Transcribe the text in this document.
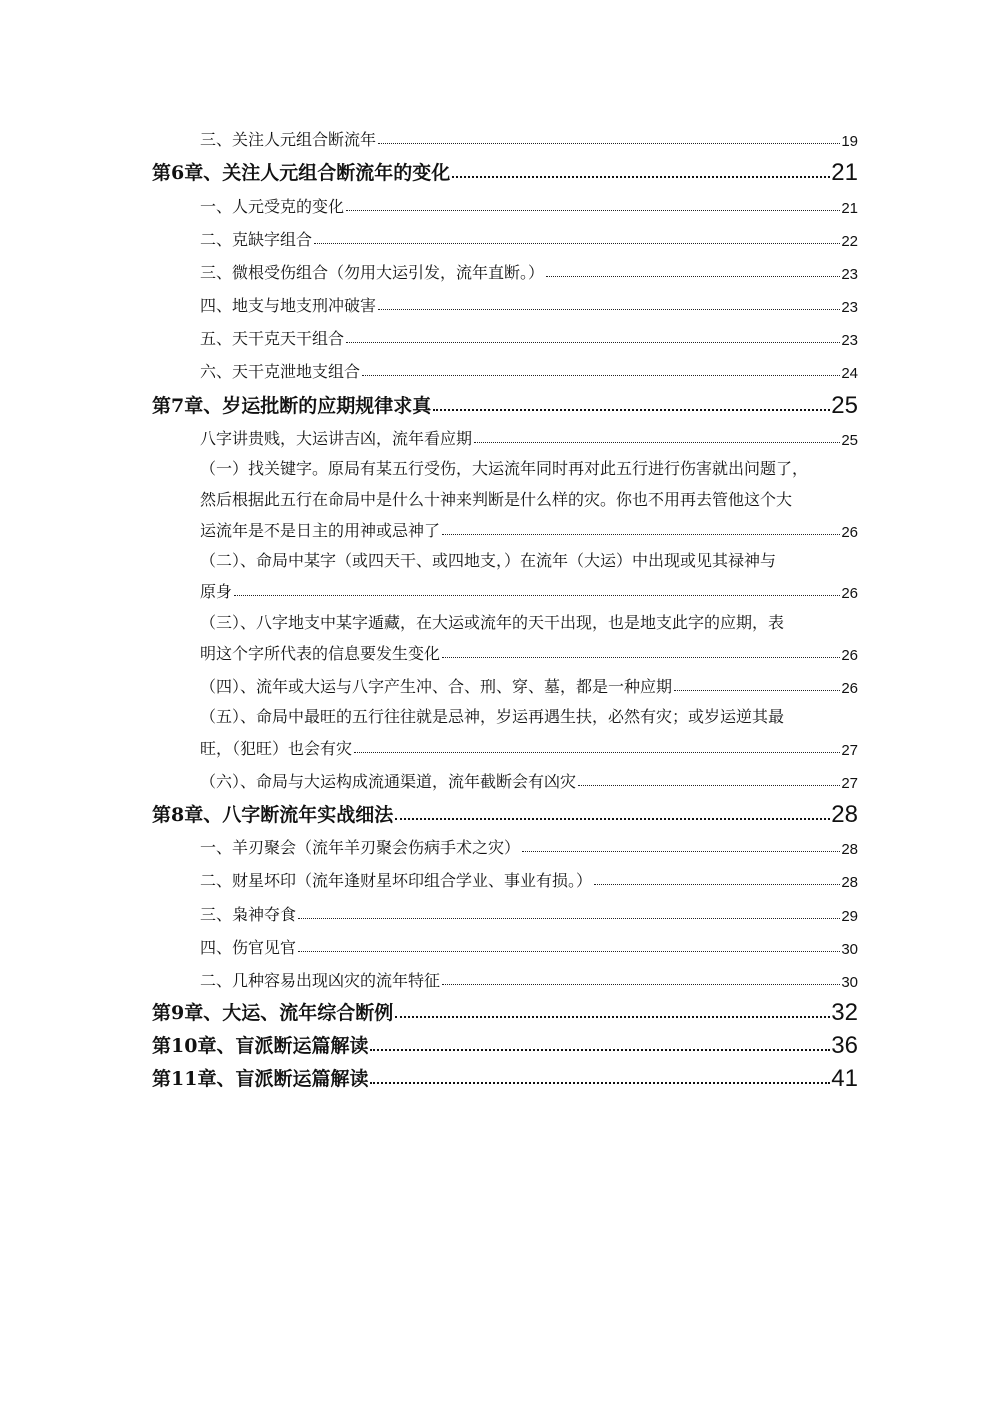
三、关注人元组合断流年	19
第6章、关注人元组合断流年的变化	21
一、人元受克的变化	21
二、克缺字组合	22
三、微根受伤组合（勿用大运引发，流年直断。）	23
四、地支与地支刑冲破害	23
五、天干克天干组合	23
六、天干克泄地支组合	24
第7章、岁运批断的应期规律求真	25
八字讲贵贱，大运讲吉凶，流年看应期	25
（一）找关键字。原局有某五行受伤，大运流年同时再对此五行进行伤害就出问题了，
然后根据此五行在命局中是什么十神来判断是什么样的灾。你也不用再去管他这个大
运流年是不是日主的用神或忌神了	26
（二）、命局中某字（或四天干、或四地支，）在流年（大运）中出现或见其禄神与
原身	26
（三）、八字地支中某字遁藏，在大运或流年的天干出现，也是地支此字的应期，表
明这个字所代表的信息要发生变化	26
（四）、流年或大运与八字产生冲、合、刑、穿、墓，都是一种应期	26
（五）、命局中最旺的五行往往就是忌神，岁运再遇生扶，必然有灾；或岁运逆其最
旺，（犯旺）也会有灾	27
（六）、命局与大运构成流通渠道，流年截断会有凶灾	27
第8章、八字断流年实战细法	28
一、羊刃聚会（流年羊刃聚会伤病手术之灾）	28
二、财星坏印（流年逢财星坏印组合学业、事业有损。）	28
三、枭神夺食	29
四、伤官见官	30
二、几种容易出现凶灾的流年特征	30
第9章、大运、流年综合断例	32
第10章、盲派断运篇解读	36
第11章、盲派断运篇解读	41
